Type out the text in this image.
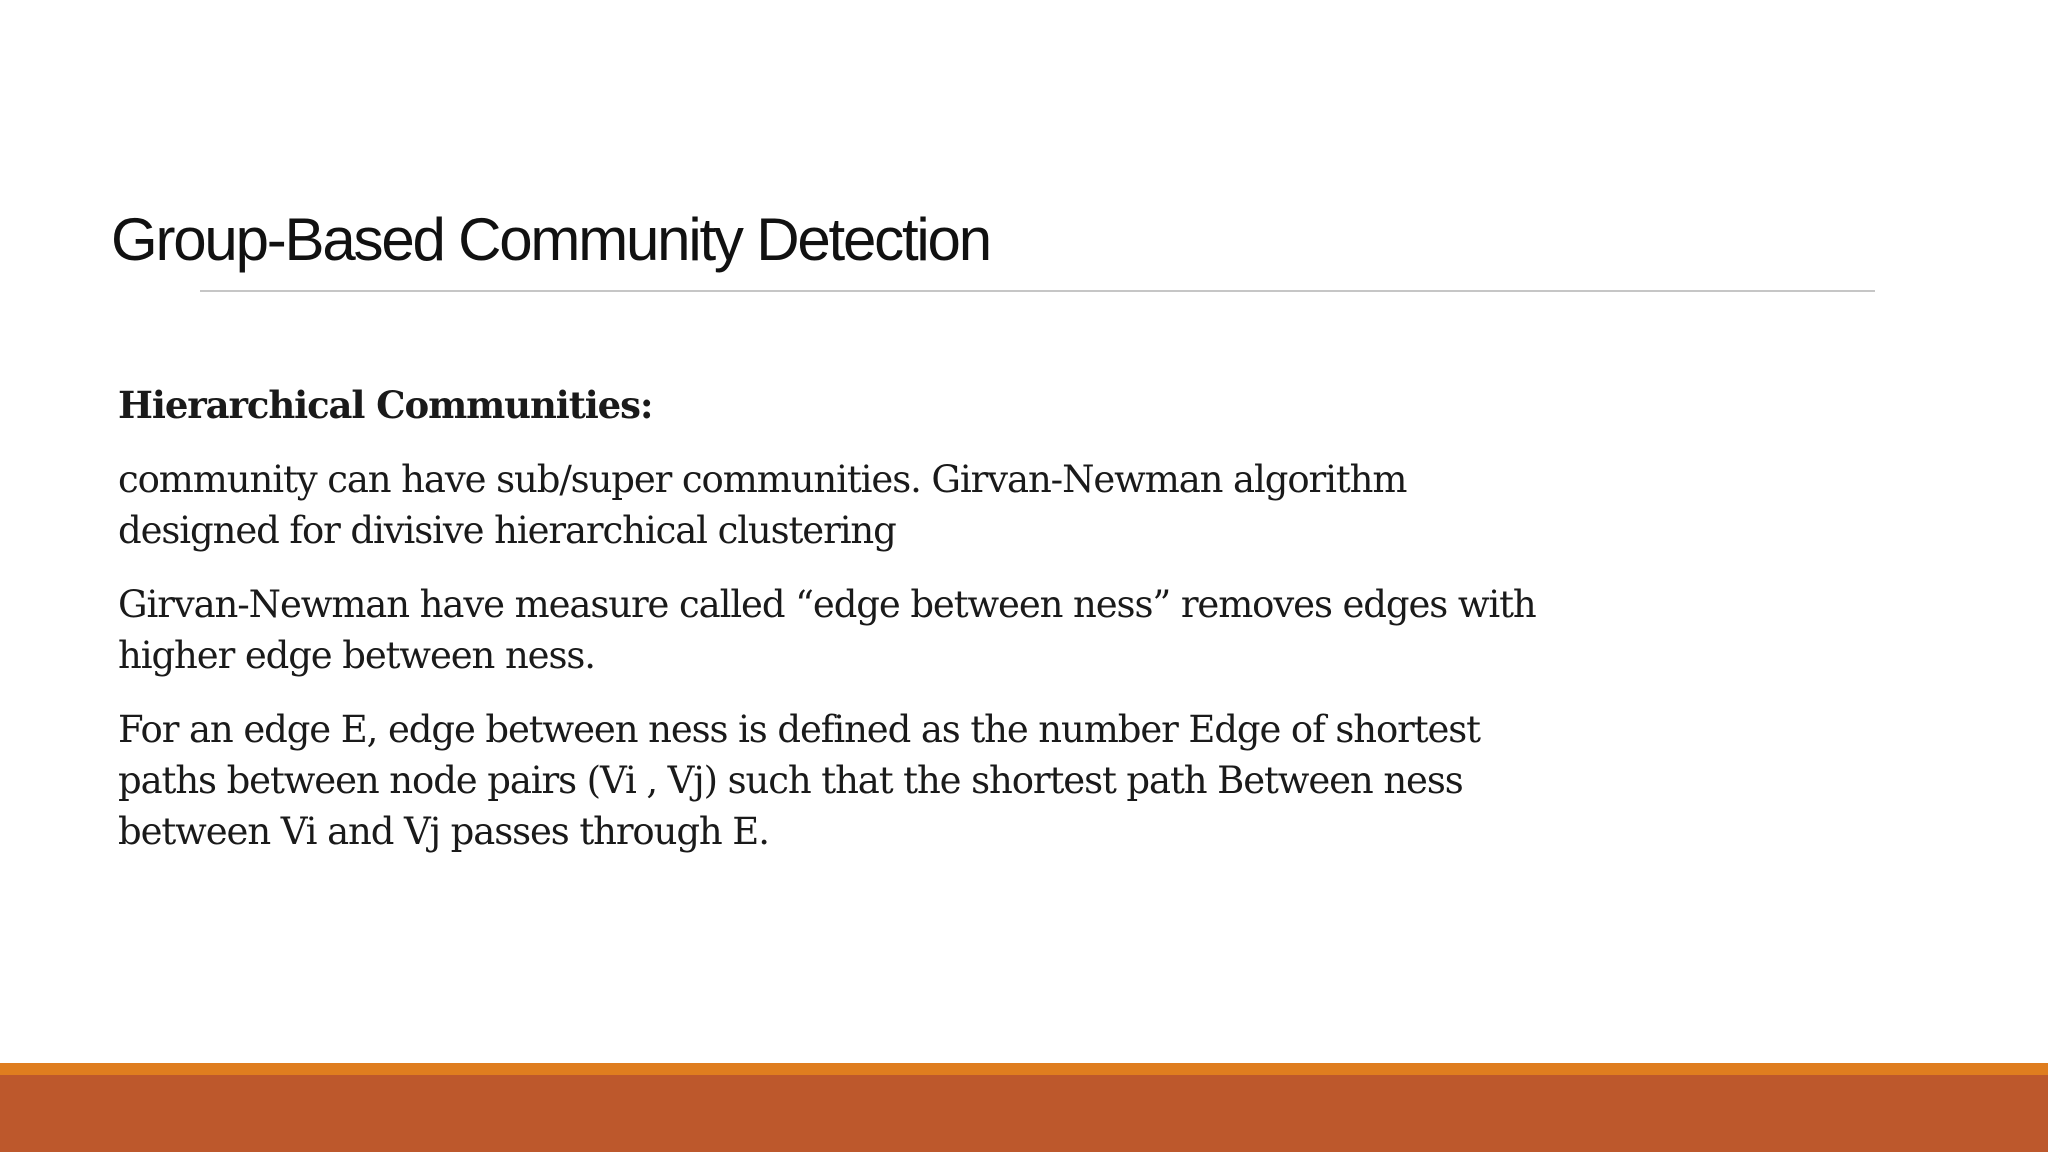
Group-Based Community Detection

Hierarchical Communities:

community can have sub/super communities. Girvan-Newman algorithm designed for divisive hierarchical clustering

Girvan-Newman have measure called “edge between ness” removes edges with higher edge between ness.

For an edge E, edge between ness is defined as the number Edge of shortest paths between node pairs (Vi , Vj) such that the shortest path Between ness between Vi and Vj passes through E.
